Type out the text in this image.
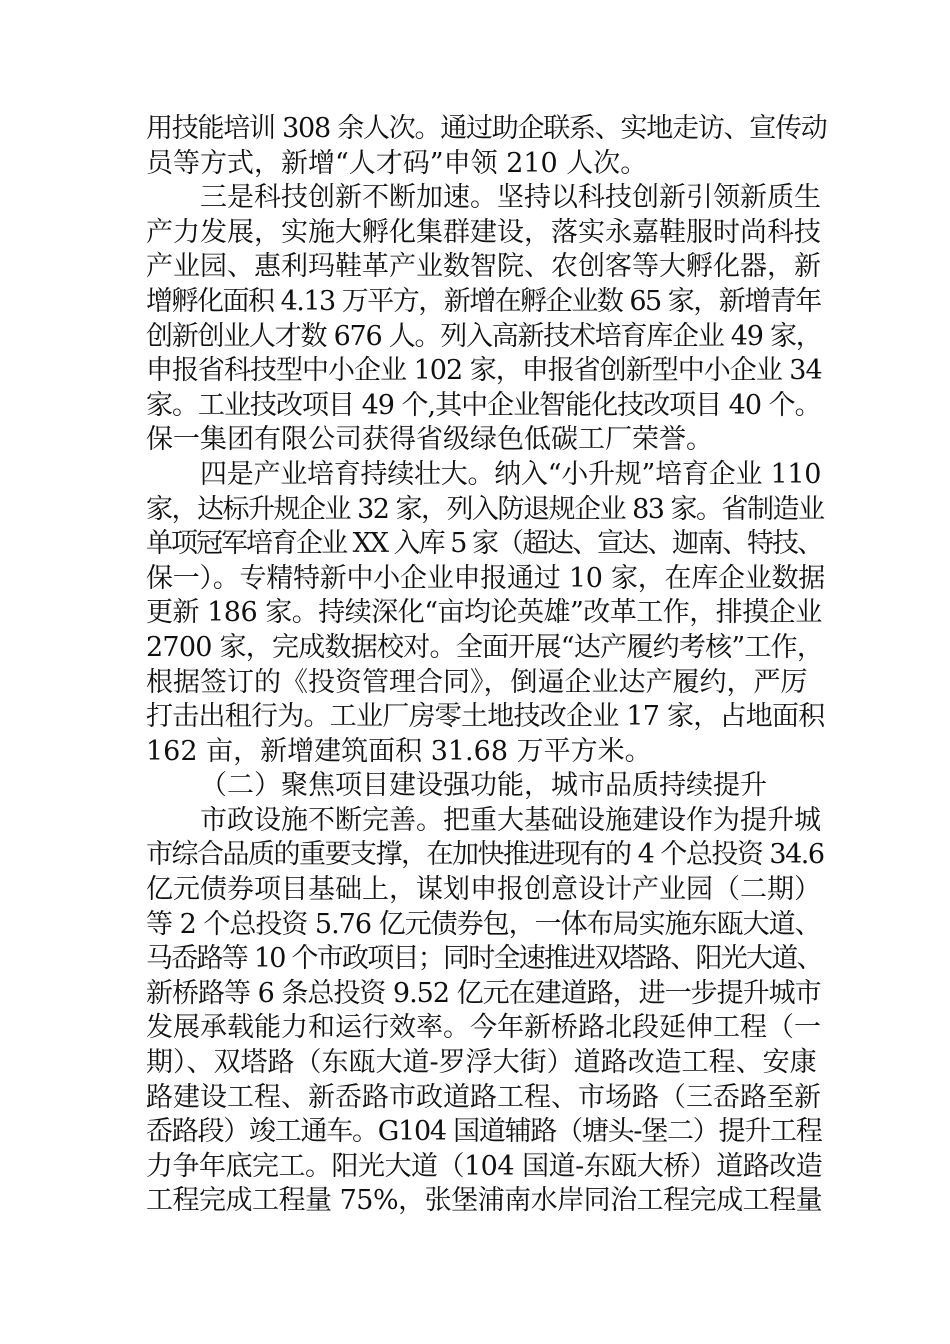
用技能培训 308 余人次。通过助企联系、实地走访、宣传动
员等方式，新增“人才码”申领 210 人次。
三是科技创新不断加速。坚持以科技创新引领新质生
产力发展，实施大孵化集群建设，落实永嘉鞋服时尚科技
产业园、惠利玛鞋革产业数智院、农创客等大孵化器，新
增孵化面积 4.13 万平方，新增在孵企业数 65 家，新增青年
创新创业人才数 676 人。列入高新技术培育库企业 49 家，
申报省科技型中小企业 102 家，申报省创新型中小企业 34
家。工业技改项目 49 个,其中企业智能化技改项目 40 个。
保一集团有限公司获得省级绿色低碳工厂荣誉。
四是产业培育持续壮大。纳入“小升规”培育企业 110
家，达标升规企业 32 家，列入防退规企业 83 家。省制造业
单项冠军培育企业 XX 入库 5 家（超达、宣达、迦南、特技、
保一）。专精特新中小企业申报通过 10 家，在库企业数据
更新 186 家。持续深化“亩均论英雄”改革工作，排摸企业
2700 家，完成数据校对。全面开展“达产履约考核”工作，
根据签订的《投资管理合同》，倒逼企业达产履约，严厉
打击出租行为。工业厂房零土地技改企业 17 家，占地面积
162 亩，新增建筑面积 31.68 万平方米。
（二）聚焦项目建设强功能，城市品质持续提升
市政设施不断完善。把重大基础设施建设作为提升城
市综合品质的重要支撑，在加快推进现有的 4 个总投资 34.6
亿元债券项目基础上，谋划申报创意设计产业园（二期）
等 2 个总投资 5.76 亿元债券包，一体布局实施东瓯大道、
马岙路等 10 个市政项目；同时全速推进双塔路、阳光大道、
新桥路等 6 条总投资 9.52 亿元在建道路，进一步提升城市
发展承载能力和运行效率。今年新桥路北段延伸工程（一
期）、双塔路（东瓯大道-罗浮大街）道路改造工程、安康
路建设工程、新岙路市政道路工程、市场路（三岙路至新
岙路段）竣工通车。G104 国道辅路（塘头-堡二）提升工程
力争年底完工。阳光大道（104 国道-东瓯大桥）道路改造
工程完成工程量 75%，张堡浦南水岸同治工程完成工程量
